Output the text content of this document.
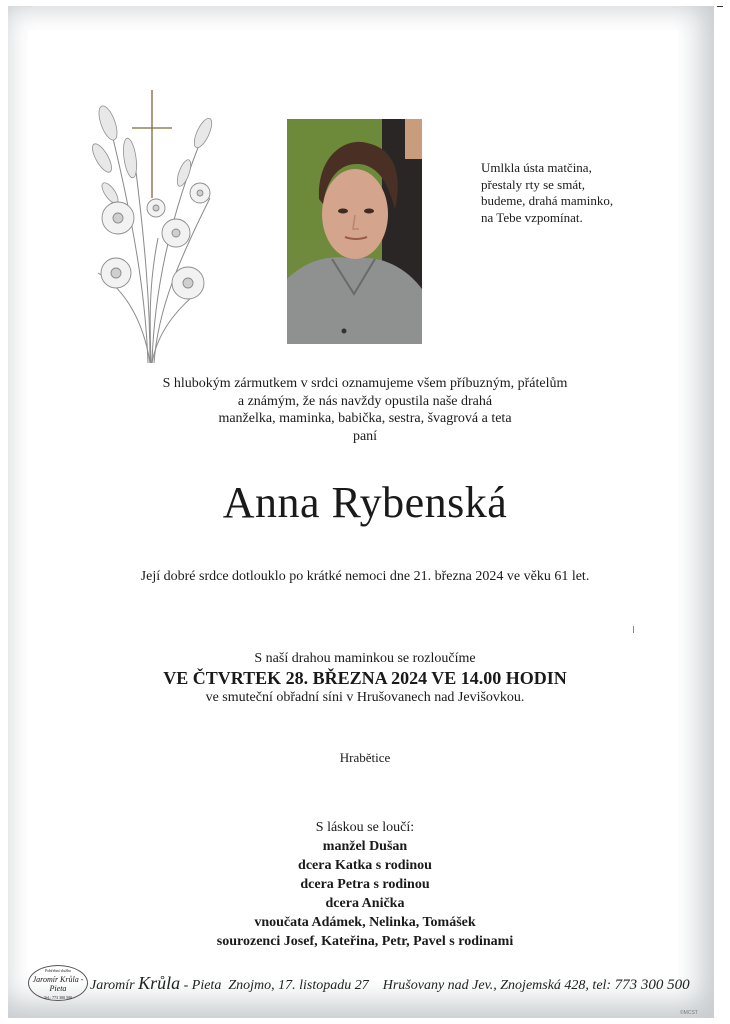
Umlkla ústa matčina,
přestaly rty se smát,
budeme, drahá maminko,
na Tebe vzpomínat.
S hlubokým zármutkem v srdci oznamujeme všem příbuzným, přátelům
a známým, že nás navždy opustila naše drahá
manželka, maminka, babička, sestra, švagrová a teta
paní
Anna Rybenská
Její dobré srdce dotlouklo po krátké nemoci dne 21. března 2024 ve věku 61 let.
S naší drahou maminkou se rozloučíme
VE ČTVRTEK 28. BŘEZNA 2024 VE 14.00 HODIN
ve smuteční obřadní síni v Hrušovanech nad Jevišovkou.
Hrabětice
S láskou se loučí:
manžel Dušan
dcera Katka s rodinou
dcera Petra s rodinou
dcera Anička
vnoučata Adámek, Nelinka, Tomášek
sourozenci Josef, Kateřina, Petr, Pavel s rodinami
Pohřební služba
Jaromír Krůla - Pieta
Tel.: 773 300 500
Jaromír Krůla - Pieta Znojmo, 17. listopadu 27 Hrušovany nad Jev., Znojemská 428, tel: 773 300 500
©MCST
